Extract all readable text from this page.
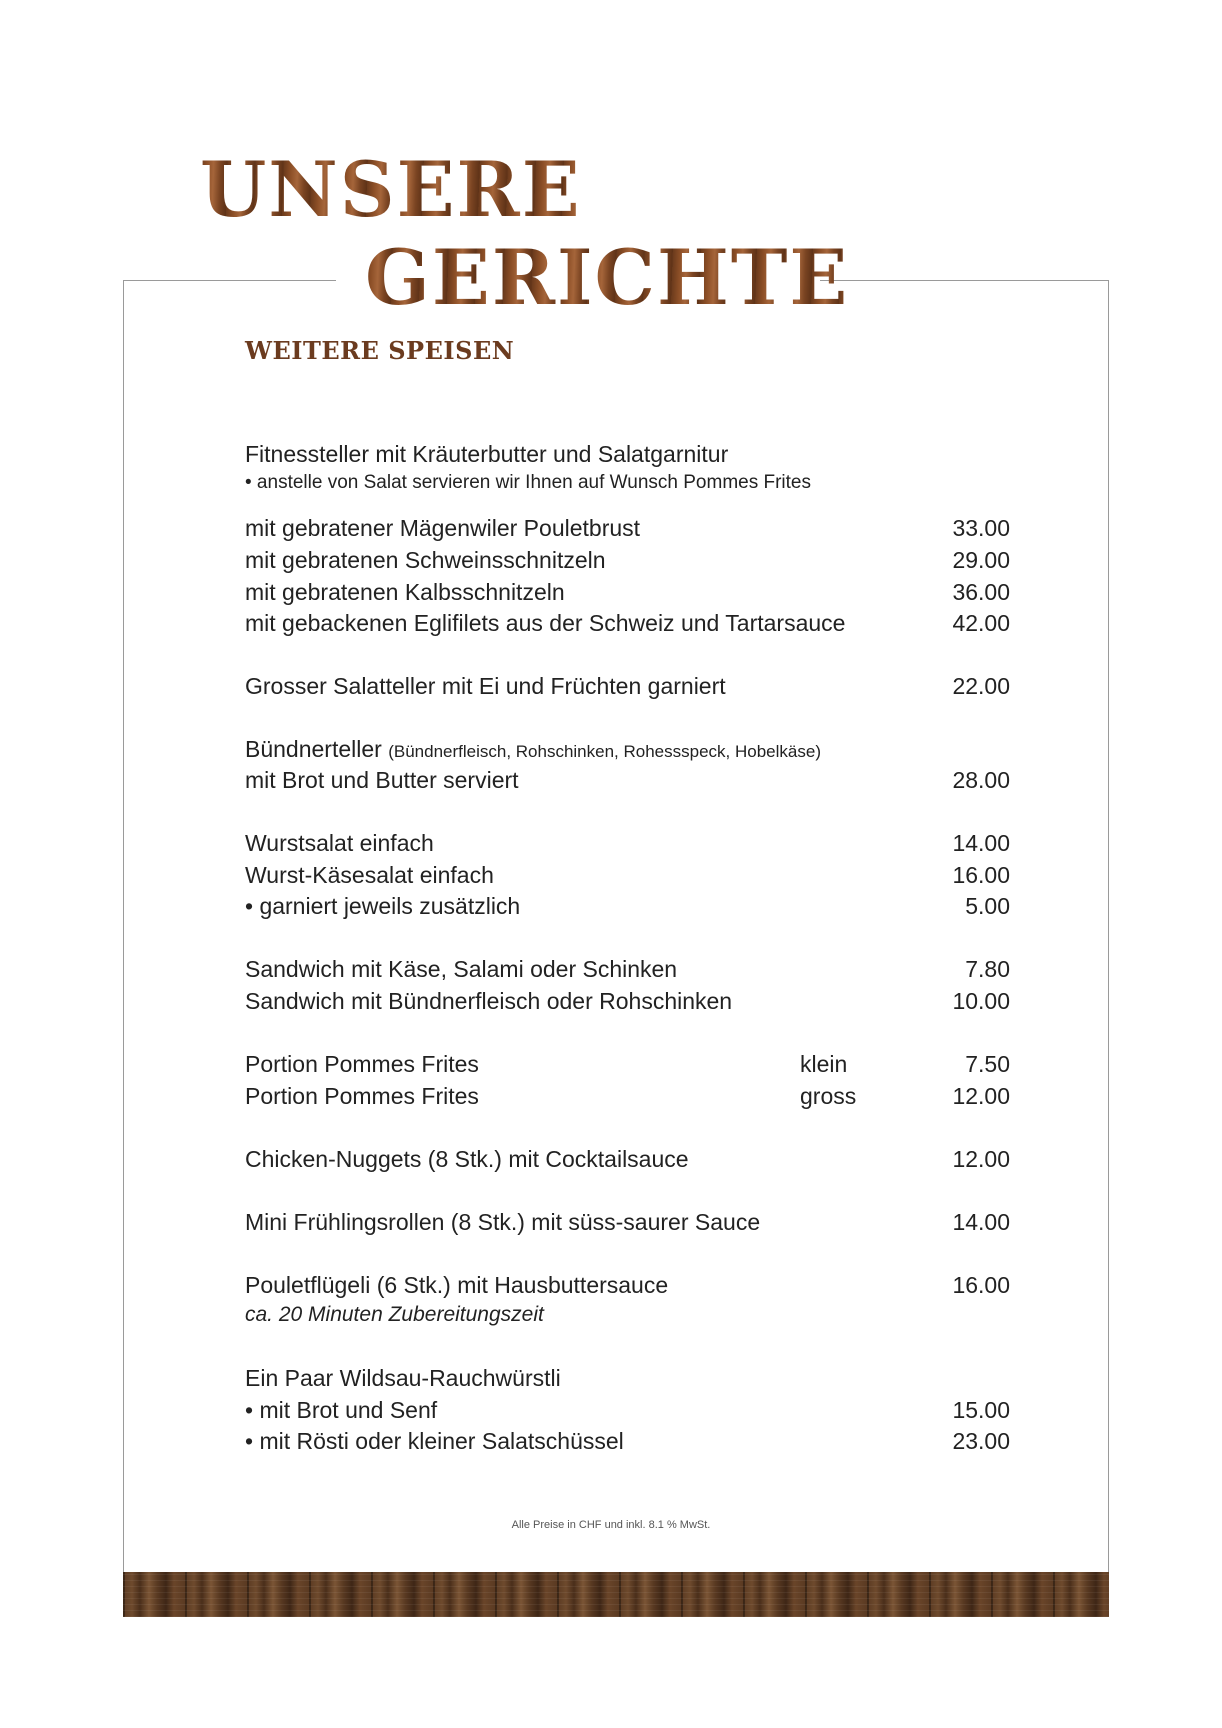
UNSERE
GERICHTE
WEITERE SPEISEN
Fitnessteller mit Kräuterbutter und Salatgarnitur
• anstelle von Salat servieren wir Ihnen auf Wunsch Pommes Frites
mit gebratener Mägenwiler Pouletbrust	33.00
mit gebratenen Schweinsschnitzeln	29.00
mit gebratenen Kalbsschnitzeln	36.00
mit gebackenen Eglifilets aus der Schweiz und Tartarsauce	42.00
Grosser Salatteller mit Ei und Früchten garniert	22.00
Bündnerteller (Bündnerfleisch, Rohschinken, Rohessspeck, Hobelkäse)
mit Brot und Butter serviert	28.00
Wurstsalat einfach	14.00
Wurst-Käsesalat einfach	16.00
• garniert jeweils zusätzlich	5.00
Sandwich mit Käse, Salami oder Schinken	7.80
Sandwich mit Bündnerfleisch oder Rohschinken	10.00
Portion Pommes Frites	klein	7.50
Portion Pommes Frites	gross	12.00
Chicken-Nuggets (8 Stk.) mit Cocktailsauce	12.00
Mini Frühlingsrollen (8 Stk.) mit süss-saurer Sauce	14.00
Pouletflügeli (6 Stk.) mit Hausbuttersauce	16.00
ca. 20 Minuten Zubereitungszeit
Ein Paar Wildsau-Rauchwürstli
• mit Brot und Senf	15.00
• mit Rösti oder kleiner Salatschüssel	23.00
Alle Preise in CHF und inkl. 8.1 % MwSt.
